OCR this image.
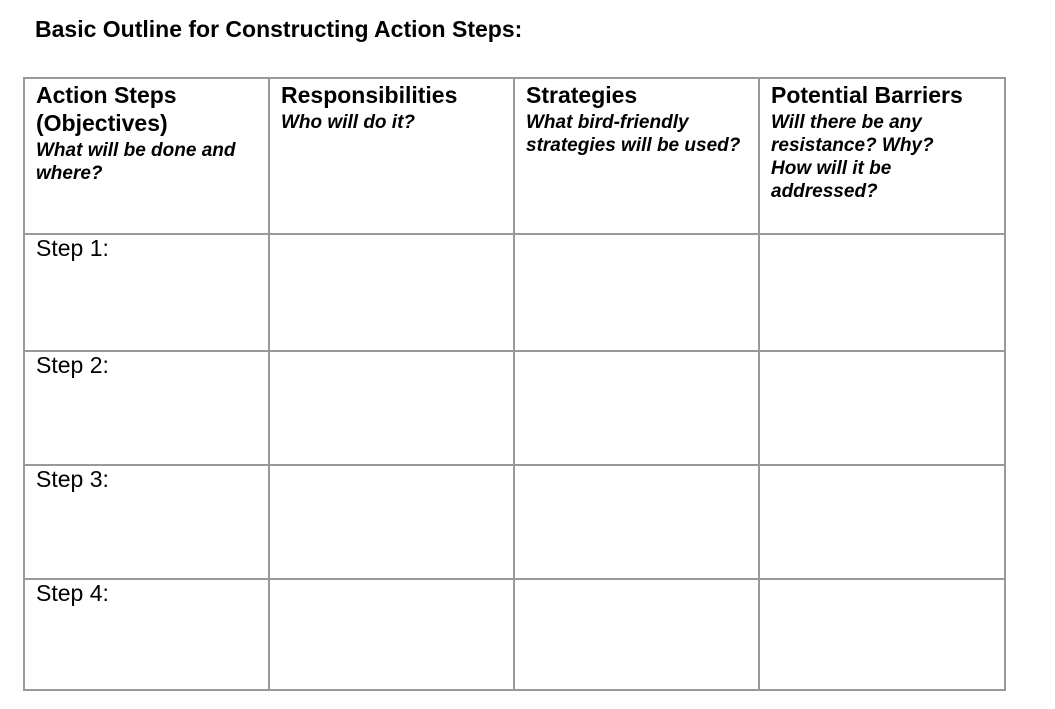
Basic Outline for Constructing Action Steps:
Action Steps
(Objectives)
What will be done and
where?	Responsibilities
Who will do it?	Strategies
What bird-friendly
strategies will be used?	Potential Barriers
Will there be any
resistance? Why?
How will it be
addressed?

Step 1:			

Step 2:			

Step 3:			

Step 4:			
